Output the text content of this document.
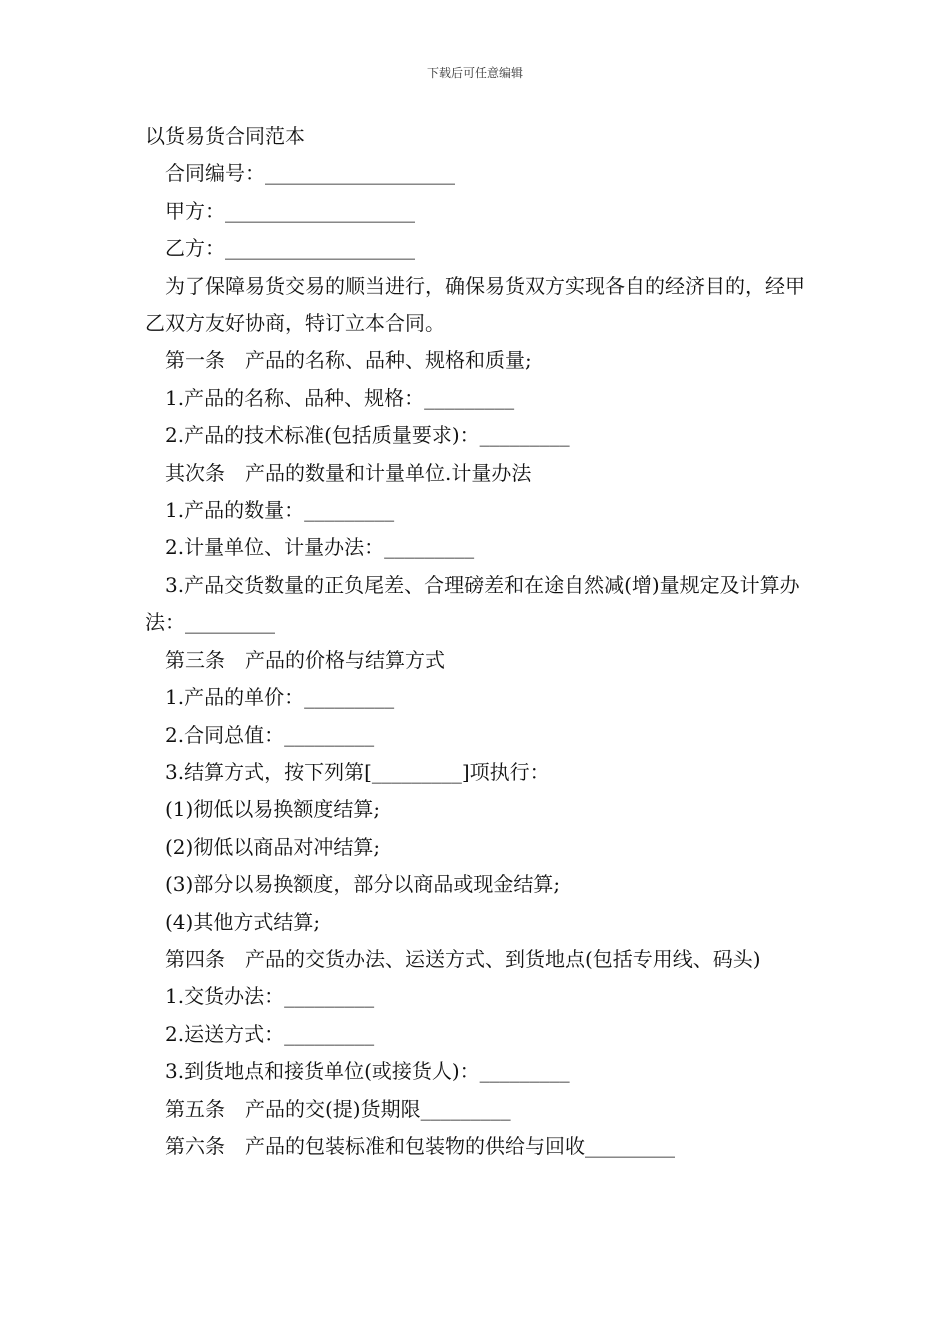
下载后可任意编辑
以货易货合同范本
合同编号：___________________
甲方：___________________
乙方：___________________
为了保障易货交易的顺当进行，确保易货双方实现各自的经济目的，经甲乙双方友好协商，特订立本合同。
第一条　产品的名称、品种、规格和质量;
1.产品的名称、品种、规格：_________
2.产品的技术标准(包括质量要求)：_________
其次条　产品的数量和计量单位.计量办法
1.产品的数量：_________
2.计量单位、计量办法：_________
3.产品交货数量的正负尾差、合理磅差和在途自然减(增)量规定及计算办法：_________
第三条　产品的价格与结算方式
1.产品的单价：_________
2.合同总值：_________
3.结算方式，按下列第[_________]项执行：
(1)彻低以易换额度结算;
(2)彻低以商品对冲结算;
(3)部分以易换额度，部分以商品或现金结算;
(4)其他方式结算;
第四条　产品的交货办法、运送方式、到货地点(包括专用线、码头)
1.交货办法：_________
2.运送方式：_________
3.到货地点和接货单位(或接货人)：_________
第五条　产品的交(提)货期限_________
第六条　产品的包装标准和包装物的供给与回收_________
